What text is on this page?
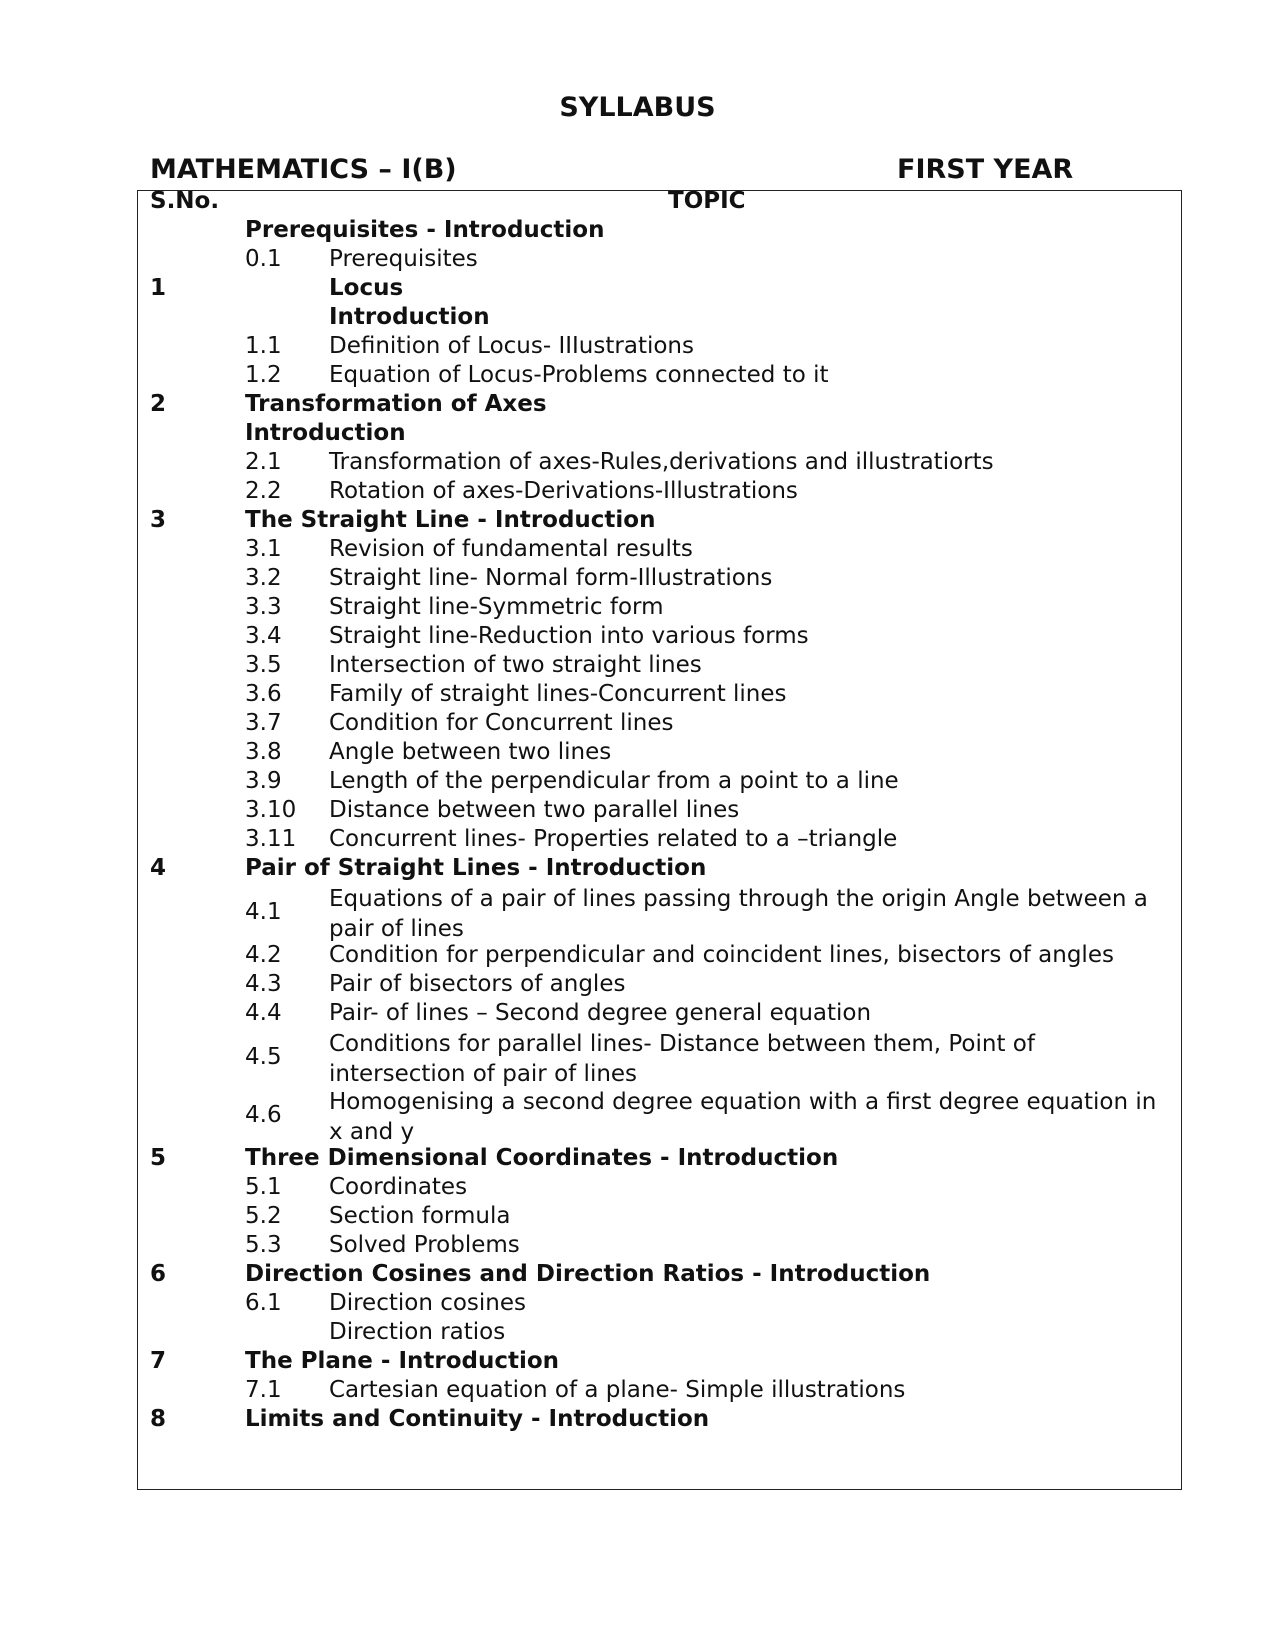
SYLLABUS
MATHEMATICS – I(B)	FIRST YEAR
S.No.	TOPIC
Prerequisites - Introduction
0.1 Prerequisites
1	Locus
Introduction
1.1 Definition of Locus- IIIustrations
1.2 Equation of Locus-Problems connected to it
2	Transformation of Axes
Introduction
2.1 Transformation of axes-Rules,derivations and illustratiorts
2.2 Rotation of axes-Derivations-Illustrations
3	The Straight Line - Introduction
3.1 Revision of fundamental results
3.2 Straight line- Normal form-Illustrations
3.3 Straight line-Symmetric form
3.4 Straight line-Reduction into various forms
3.5 Intersection of two straight lines
3.6 Family of straight lines-Concurrent lines
3.7 Condition for Concurrent lines
3.8 Angle between two lines
3.9 Length of the perpendicular from a point to a line
3.10 Distance between two parallel lines
3.11 Concurrent lines- Properties related to a –triangle
4	Pair of Straight Lines - Introduction
4.1 Equations of a pair of lines passing through the origin Angle between a pair of lines
4.2 Condition for perpendicular and coincident lines, bisectors of angles
4.3 Pair of bisectors of angles
4.4 Pair- of lines – Second degree general equation
4.5 Conditions for parallel lines- Distance between them, Point of intersection of pair of lines
4.6 Homogenising a second degree equation with a first degree equation in x and y
5	Three Dimensional Coordinates - Introduction
5.1 Coordinates
5.2 Section formula
5.3 Solved Problems
6	Direction Cosines and Direction Ratios - Introduction
6.1 Direction cosines
Direction ratios
7	The Plane - Introduction
7.1 Cartesian equation of a plane- Simple illustrations
8	Limits and Continuity - Introduction
